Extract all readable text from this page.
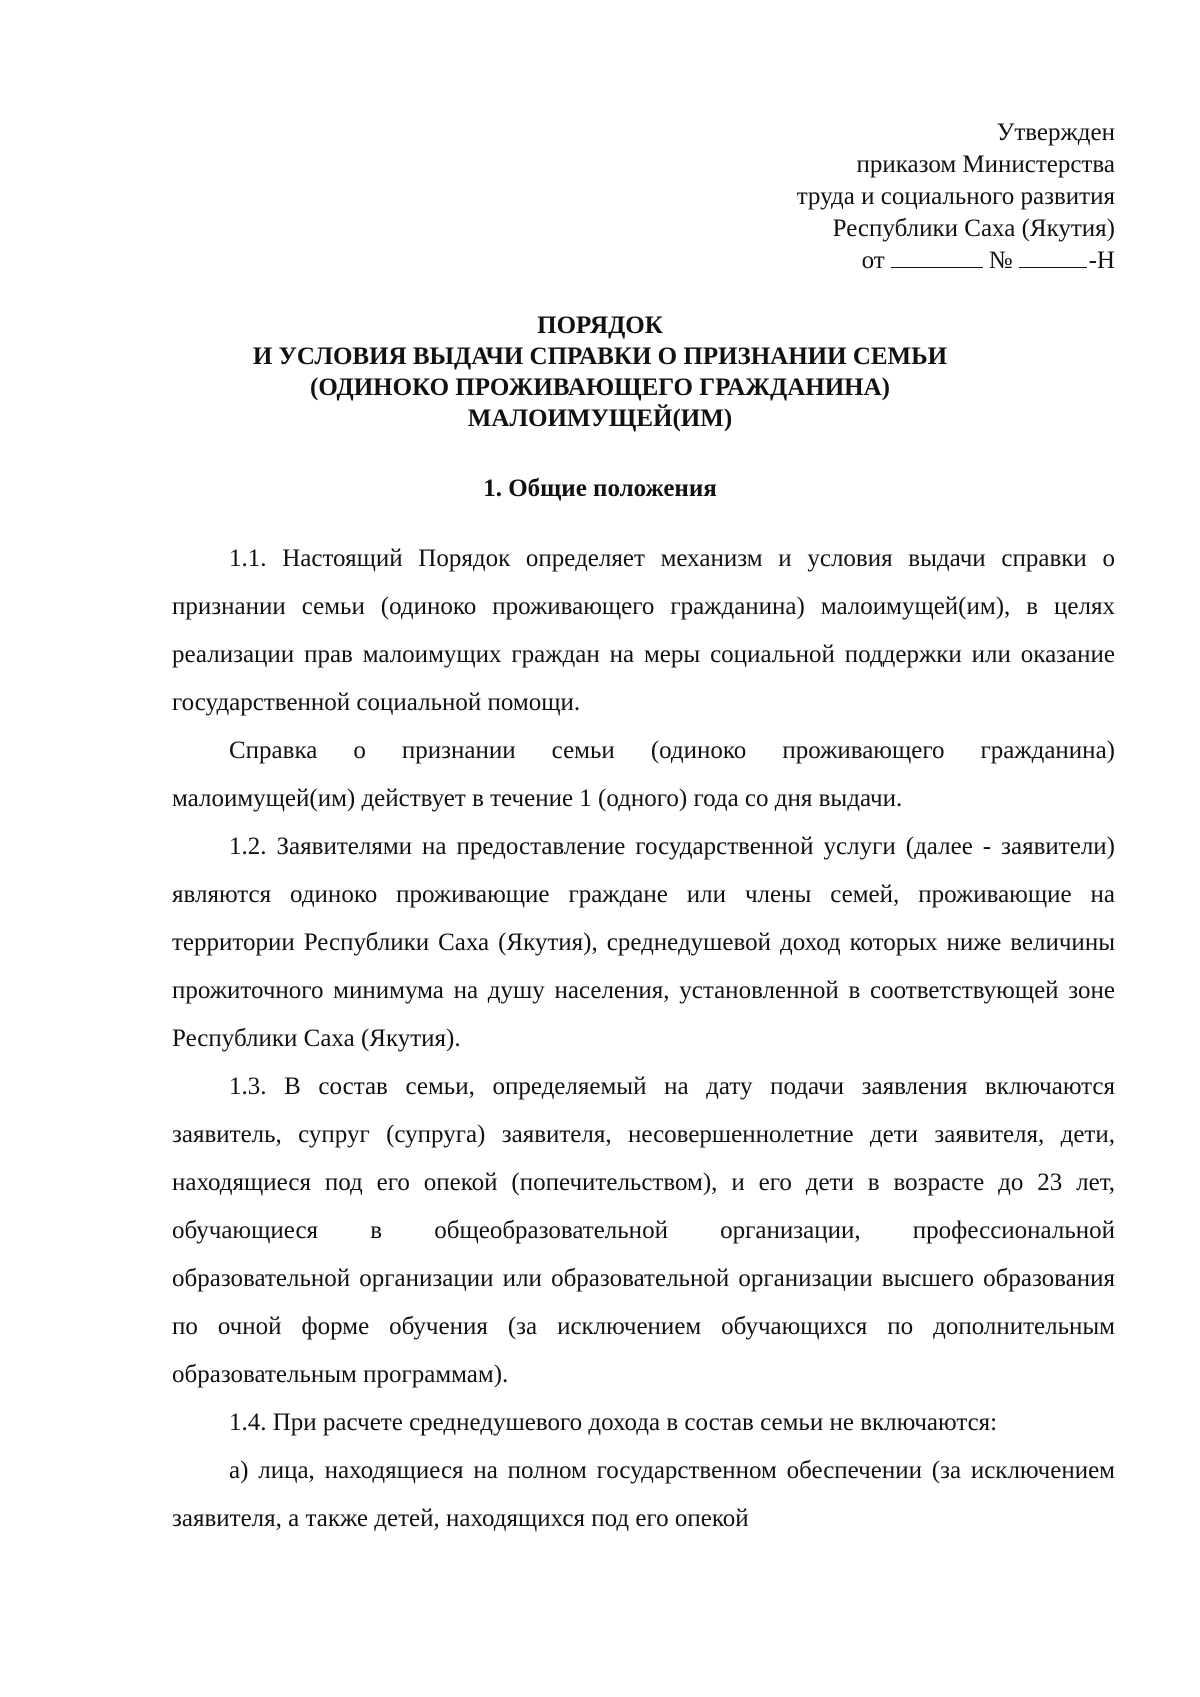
Утвержден
приказом Министерства
труда и социального развития
Республики Саха (Якутия)
от	№	-Н
ПОРЯДОК
И УСЛОВИЯ ВЫДАЧИ СПРАВКИ О ПРИЗНАНИИ СЕМЬИ
(ОДИНОКО ПРОЖИВАЮЩЕГО ГРАЖДАНИНА)
МАЛОИМУЩЕЙ(ИМ)
1. Общие положения

1.1. Настоящий Порядок определяет механизм и условия выдачи справки о признании семьи (одиноко проживающего гражданина) малоимущей(им), в целях реализации прав малоимущих граждан на меры социальной поддержки или оказание государственной социальной помощи.

Справка о признании семьи (одиноко проживающего гражданина) малоимущей(им) действует в течение 1 (одного) года со дня выдачи.

1.2. Заявителями на предоставление государственной услуги (далее - заявители) являются одиноко проживающие граждане или члены семей, проживающие на территории Республики Саха (Якутия), среднедушевой доход которых ниже величины прожиточного минимума на душу населения, установленной в соответствующей зоне Республики Саха (Якутия).

1.3. В состав семьи, определяемый на дату подачи заявления включаются заявитель, супруг (супруга) заявителя, несовершеннолетние дети заявителя, дети, находящиеся под его опекой (попечительством), и его дети в возрасте до 23 лет, обучающиеся в общеобразовательной организации, профессиональной образовательной организации или образовательной организации высшего образования по очной форме обучения (за исключением обучающихся по дополнительным образовательным программам).

1.4. При расчете среднедушевого дохода в состав семьи не включаются:

а) лица, находящиеся на полном государственном обеспечении (за исключением заявителя, а также детей, находящихся под его опекой
